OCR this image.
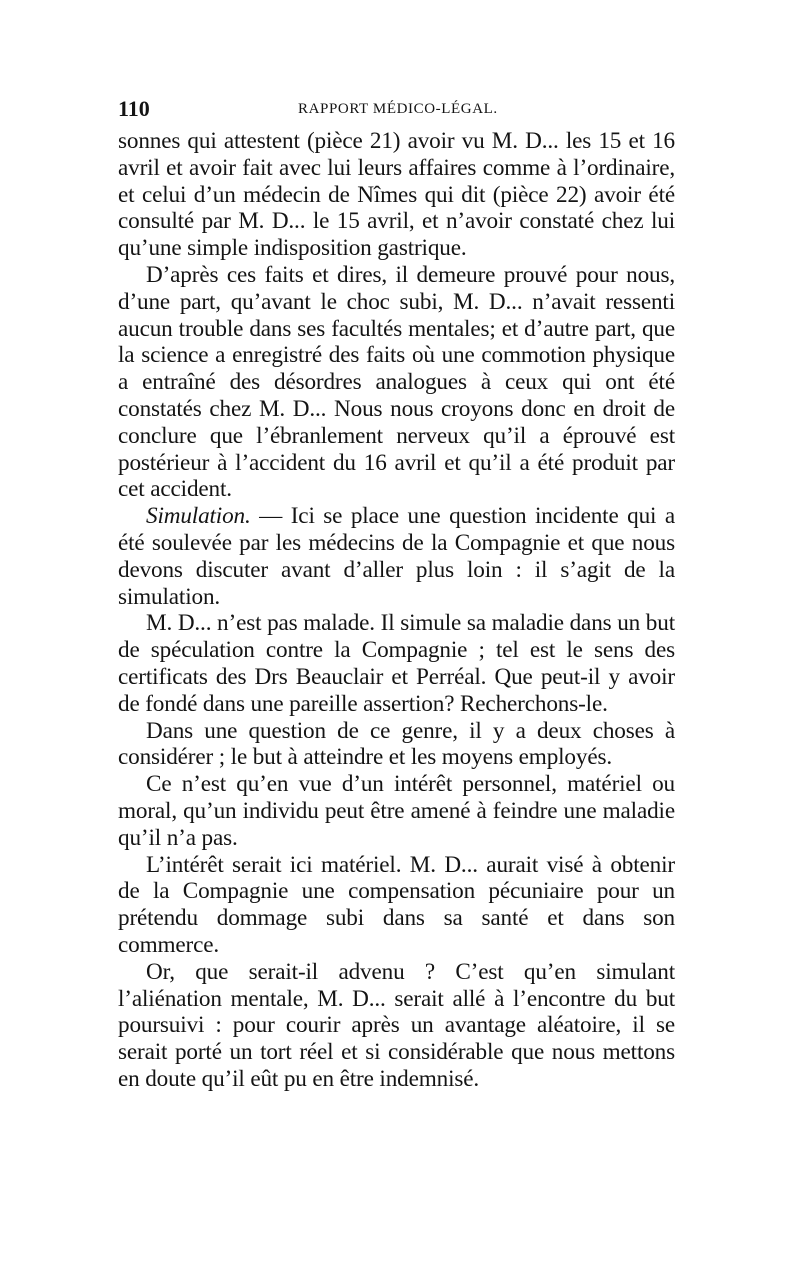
110	RAPPORT MÉDICO-LÉGAL.

sonnes qui attestent (pièce 21) avoir vu M. D... les 15 et 16 avril et avoir fait avec lui leurs affaires comme à l’ordinaire, et celui d’un médecin de Nîmes qui dit (pièce 22) avoir été consulté par M. D... le 15 avril, et n’avoir constaté chez lui qu’une simple indisposition gastrique.

D’après ces faits et dires, il demeure prouvé pour nous, d’une part, qu’avant le choc subi, M. D... n’avait ressenti aucun trouble dans ses facultés mentales; et d’autre part, que la science a enregistré des faits où une commotion physique a entraîné des désordres analogues à ceux qui ont été constatés chez M. D... Nous nous croyons donc en droit de conclure que l’ébranlement nerveux qu’il a éprouvé est postérieur à l’accident du 16 avril et qu’il a été produit par cet accident.

Simulation. — Ici se place une question incidente qui a été soulevée par les médecins de la Compagnie et que nous devons discuter avant d’aller plus loin : il s’agit de la simulation.

M. D... n’est pas malade. Il simule sa maladie dans un but de spéculation contre la Compagnie ; tel est le sens des certificats des Drs Beauclair et Perréal. Que peut-il y avoir de fondé dans une pareille assertion? Recherchons-le.

Dans une question de ce genre, il y a deux choses à considérer ; le but à atteindre et les moyens employés.

Ce n’est qu’en vue d’un intérêt personnel, matériel ou moral, qu’un individu peut être amené à feindre une maladie qu’il n’a pas.

L’intérêt serait ici matériel. M. D... aurait visé à obtenir de la Compagnie une compensation pécuniaire pour un prétendu dommage subi dans sa santé et dans son commerce.

Or, que serait-il advenu ? C’est qu’en simulant l’aliénation mentale, M. D... serait allé à l’encontre du but poursuivi : pour courir après un avantage aléatoire, il se serait porté un tort réel et si considérable que nous mettons en doute qu’il eût pu en être indemnisé.
